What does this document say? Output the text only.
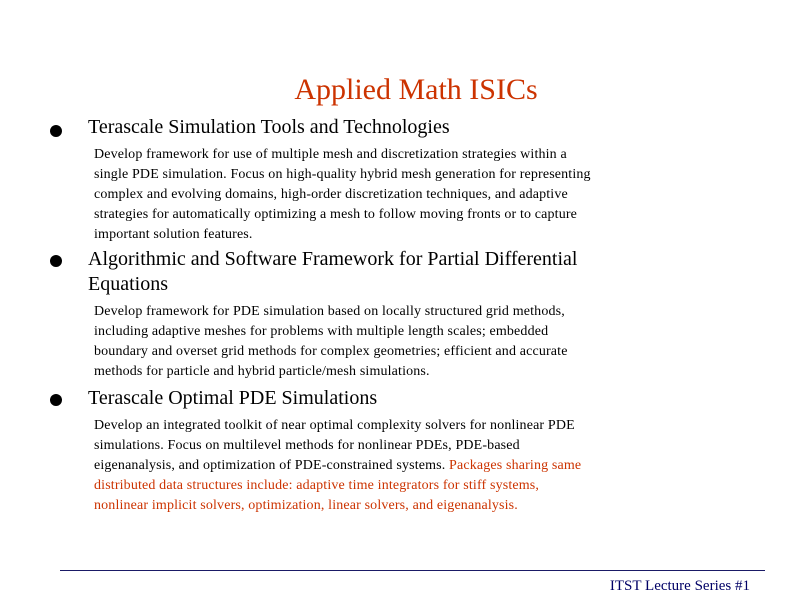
Applied Math ISICs
Terascale Simulation Tools and Technologies
Develop framework for use of multiple mesh and discretization strategies within a
single PDE simulation. Focus on high-quality hybrid mesh generation for representing
complex and evolving domains, high-order discretization techniques, and adaptive
strategies for automatically optimizing a mesh to follow moving fronts or to capture
important solution features.
Algorithmic and Software Framework for Partial Differential
Equations
Develop framework for PDE simulation based on locally structured grid methods,
including adaptive meshes for problems with multiple length scales; embedded
boundary and overset grid methods for complex geometries; efficient and accurate
methods for particle and hybrid particle/mesh simulations.
Terascale Optimal PDE Simulations
Develop an integrated toolkit of near optimal complexity solvers for nonlinear PDE
simulations. Focus on multilevel methods for nonlinear PDEs, PDE-based
eigenanalysis, and optimization of PDE-constrained systems. Packages sharing same
distributed data structures include: adaptive time integrators for stiff systems,
nonlinear implicit solvers, optimization, linear solvers, and eigenanalysis.
ITST Lecture Series #1
